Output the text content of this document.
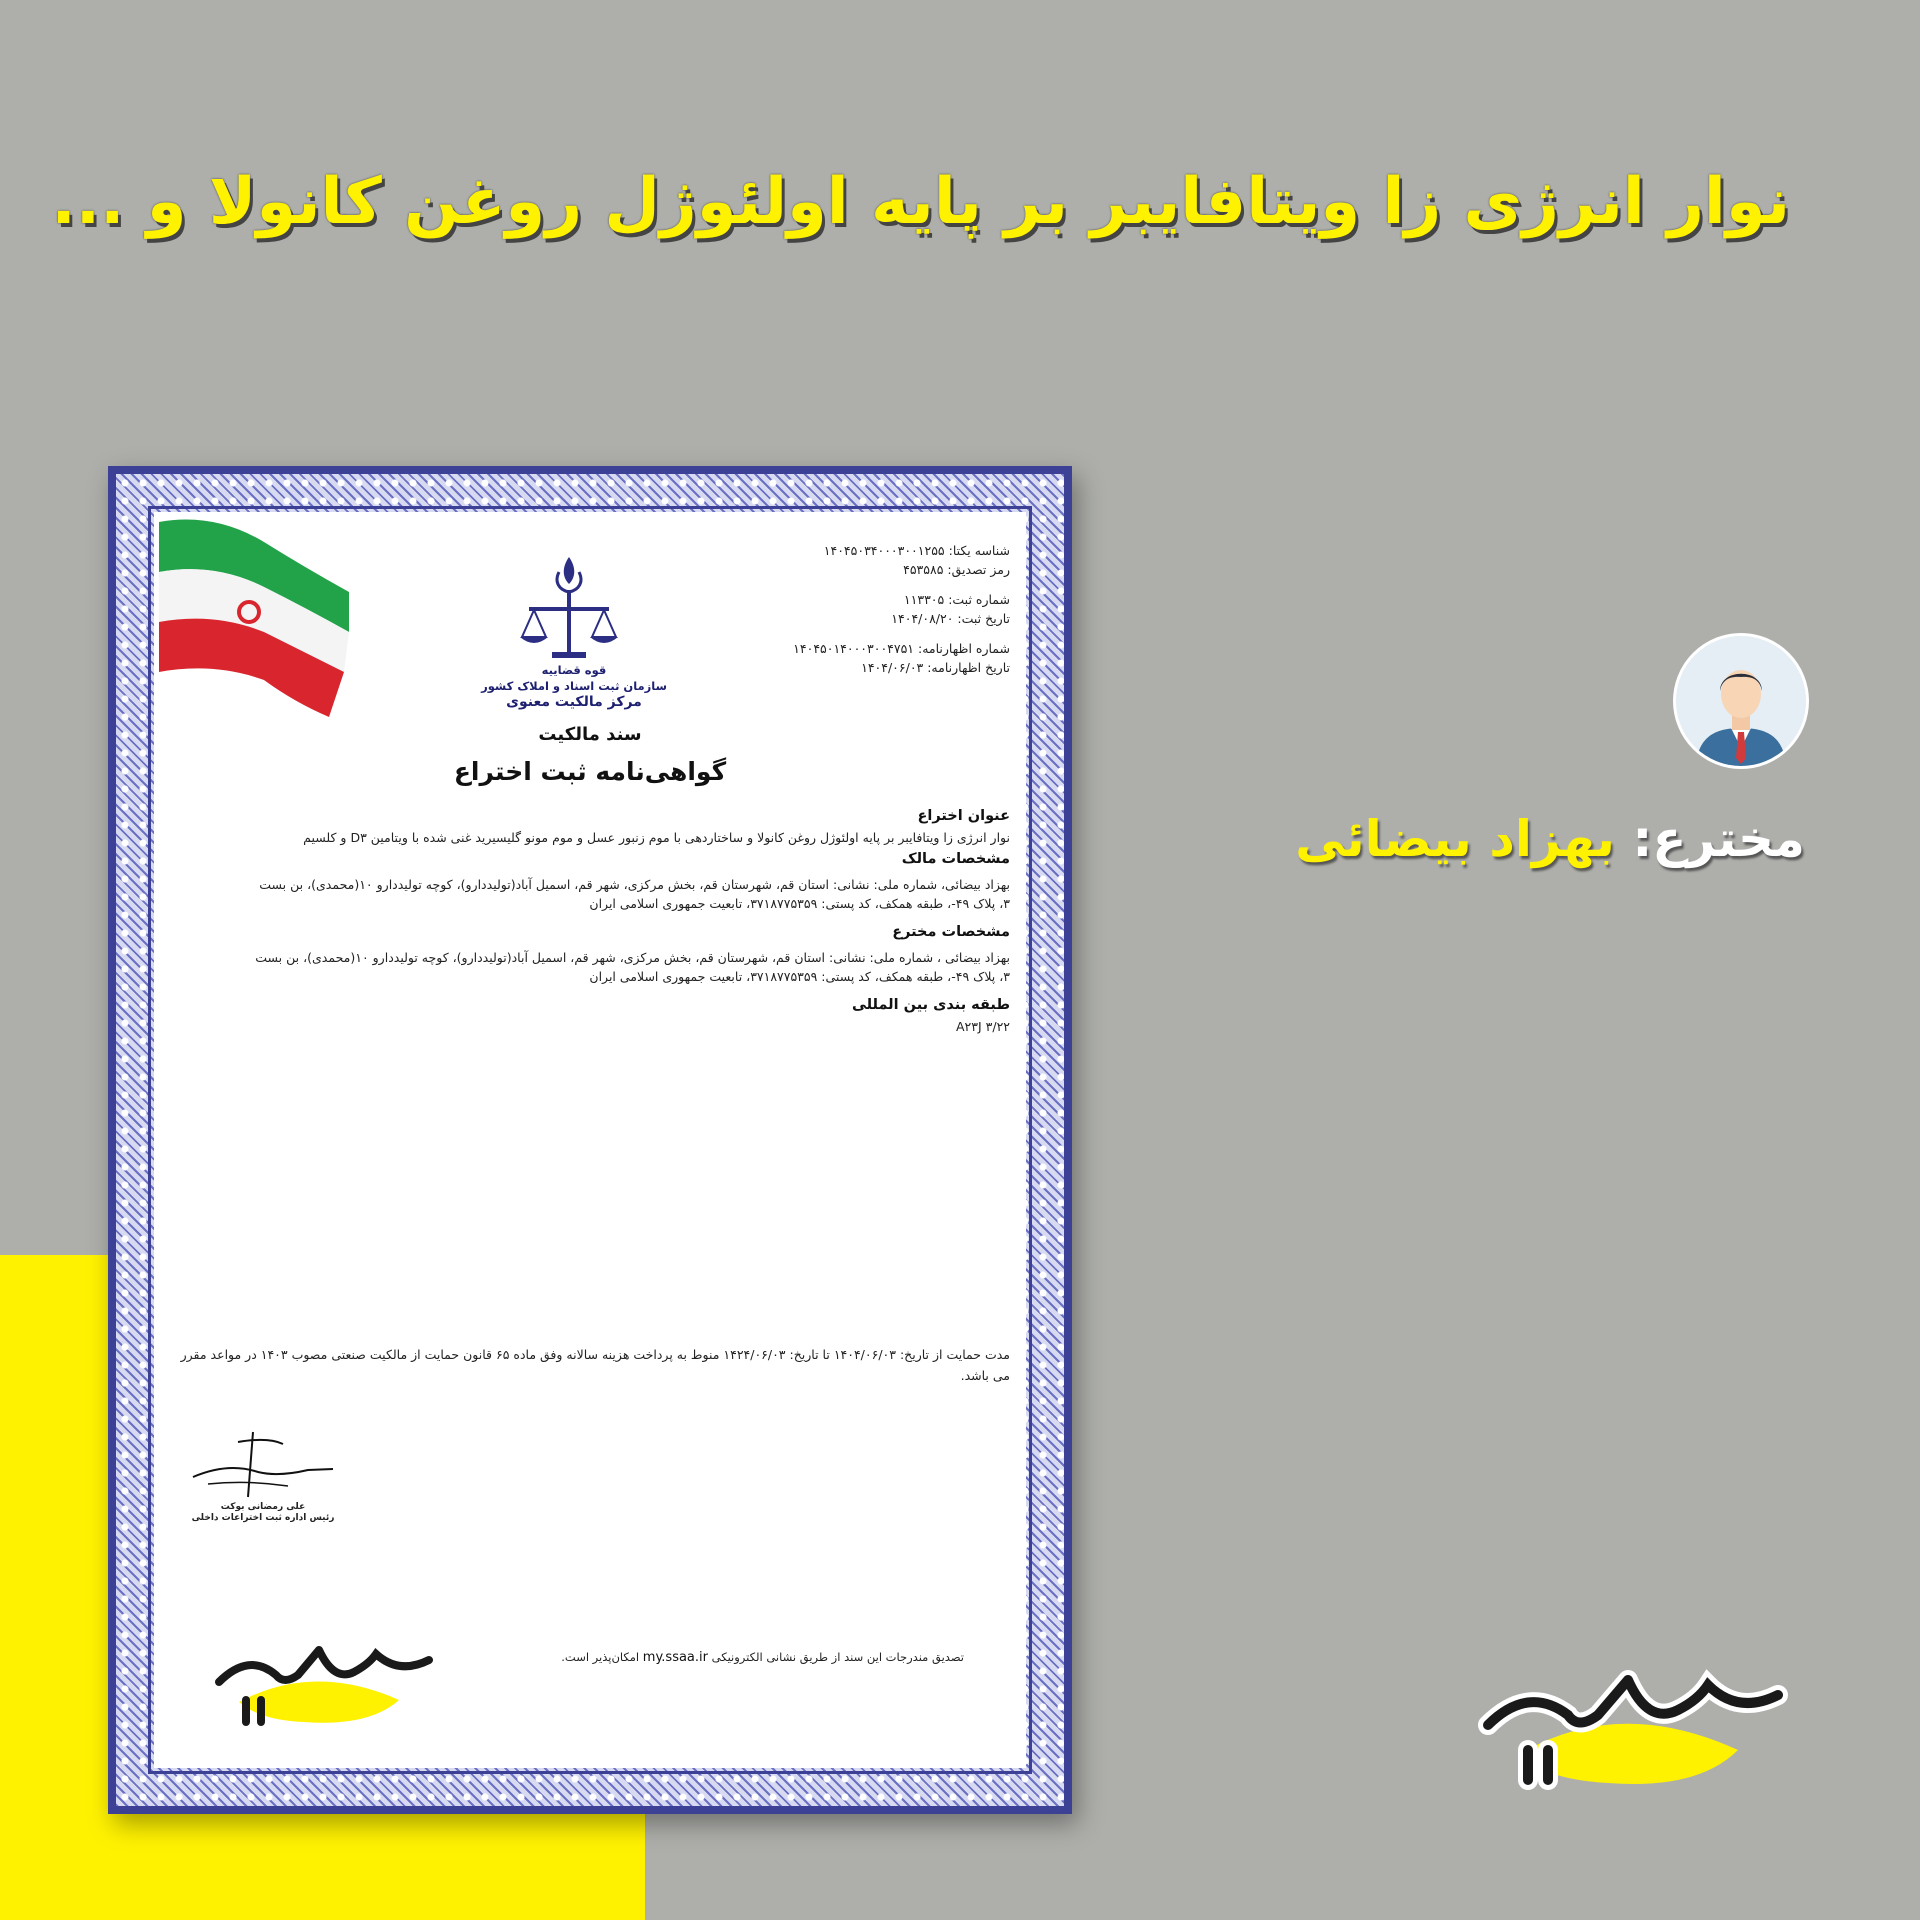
نوار انرژی زا ویتافایبر بر پایه اولئوژل روغن کانولا و ...
مخترع: بهزاد بیضائی
قوه قضاییه
سازمان ثبت اسناد و املاک کشور
مرکز مالکیت معنوی
شناسه یکتا: ۱۴۰۴۵۰۳۴۰۰۰۳۰۰۱۲۵۵
رمز تصدیق: ۴۵۳۵۸۵
شماره ثبت: ۱۱۳۳۰۵
تاریخ ثبت: ۱۴۰۴/۰۸/۲۰
شماره اظهارنامه: ۱۴۰۴۵۰۱۴۰۰۰۳۰۰۴۷۵۱
تاریخ اظهارنامه: ۱۴۰۴/۰۶/۰۳
سند مالکیت
گواهی‌نامه ثبت اختراع
عنوان اختراع

نوار انرژی زا ویتافایبر بر پایه اولئوژل روغن کانولا و ساختاردهی با موم زنبور عسل و موم مونو گلیسیرید غنی شده با ویتامین D۳ و کلسیم

مشخصات مالک

بهزاد بیضائی، شماره ملی: نشانی: استان قم، شهرستان قم، بخش مرکزی، شهر قم، اسمیل آباد(تولیددارو)، کوچه تولیددارو ۱۰(محمدی)، بن بست

۳، پلاک ۴۹-، طبقه همکف، کد پستی: ۳۷۱۸۷۷۵۳۵۹، تابعیت جمهوری اسلامی ایران

مشخصات مخترع

بهزاد بیضائی ، شماره ملی: نشانی: استان قم، شهرستان قم، بخش مرکزی، شهر قم، اسمیل آباد(تولیددارو)، کوچه تولیددارو ۱۰(محمدی)، بن بست

۳، پلاک ۴۹-، طبقه همکف، کد پستی: ۳۷۱۸۷۷۵۳۵۹، تابعیت جمهوری اسلامی ایران

طبقه بندی بین المللی

A۲۳J ۳/۲۲

مدت حمایت از تاریخ: ۱۴۰۴/۰۶/۰۳ تا تاریخ: ۱۴۲۴/۰۶/۰۳ منوط به پرداخت هزینه سالانه وفق ماده ۶۵ قانون حمایت از مالکیت صنعتی مصوب ۱۴۰۳ در مواعد مقرر می باشد.
علی رمضانی بوکت
رئیس اداره ثبت اختراعات داخلی
تصدیق مندرجات این سند از طریق نشانی الکترونیکی my.ssaa.ir امکان‌پذیر است.
